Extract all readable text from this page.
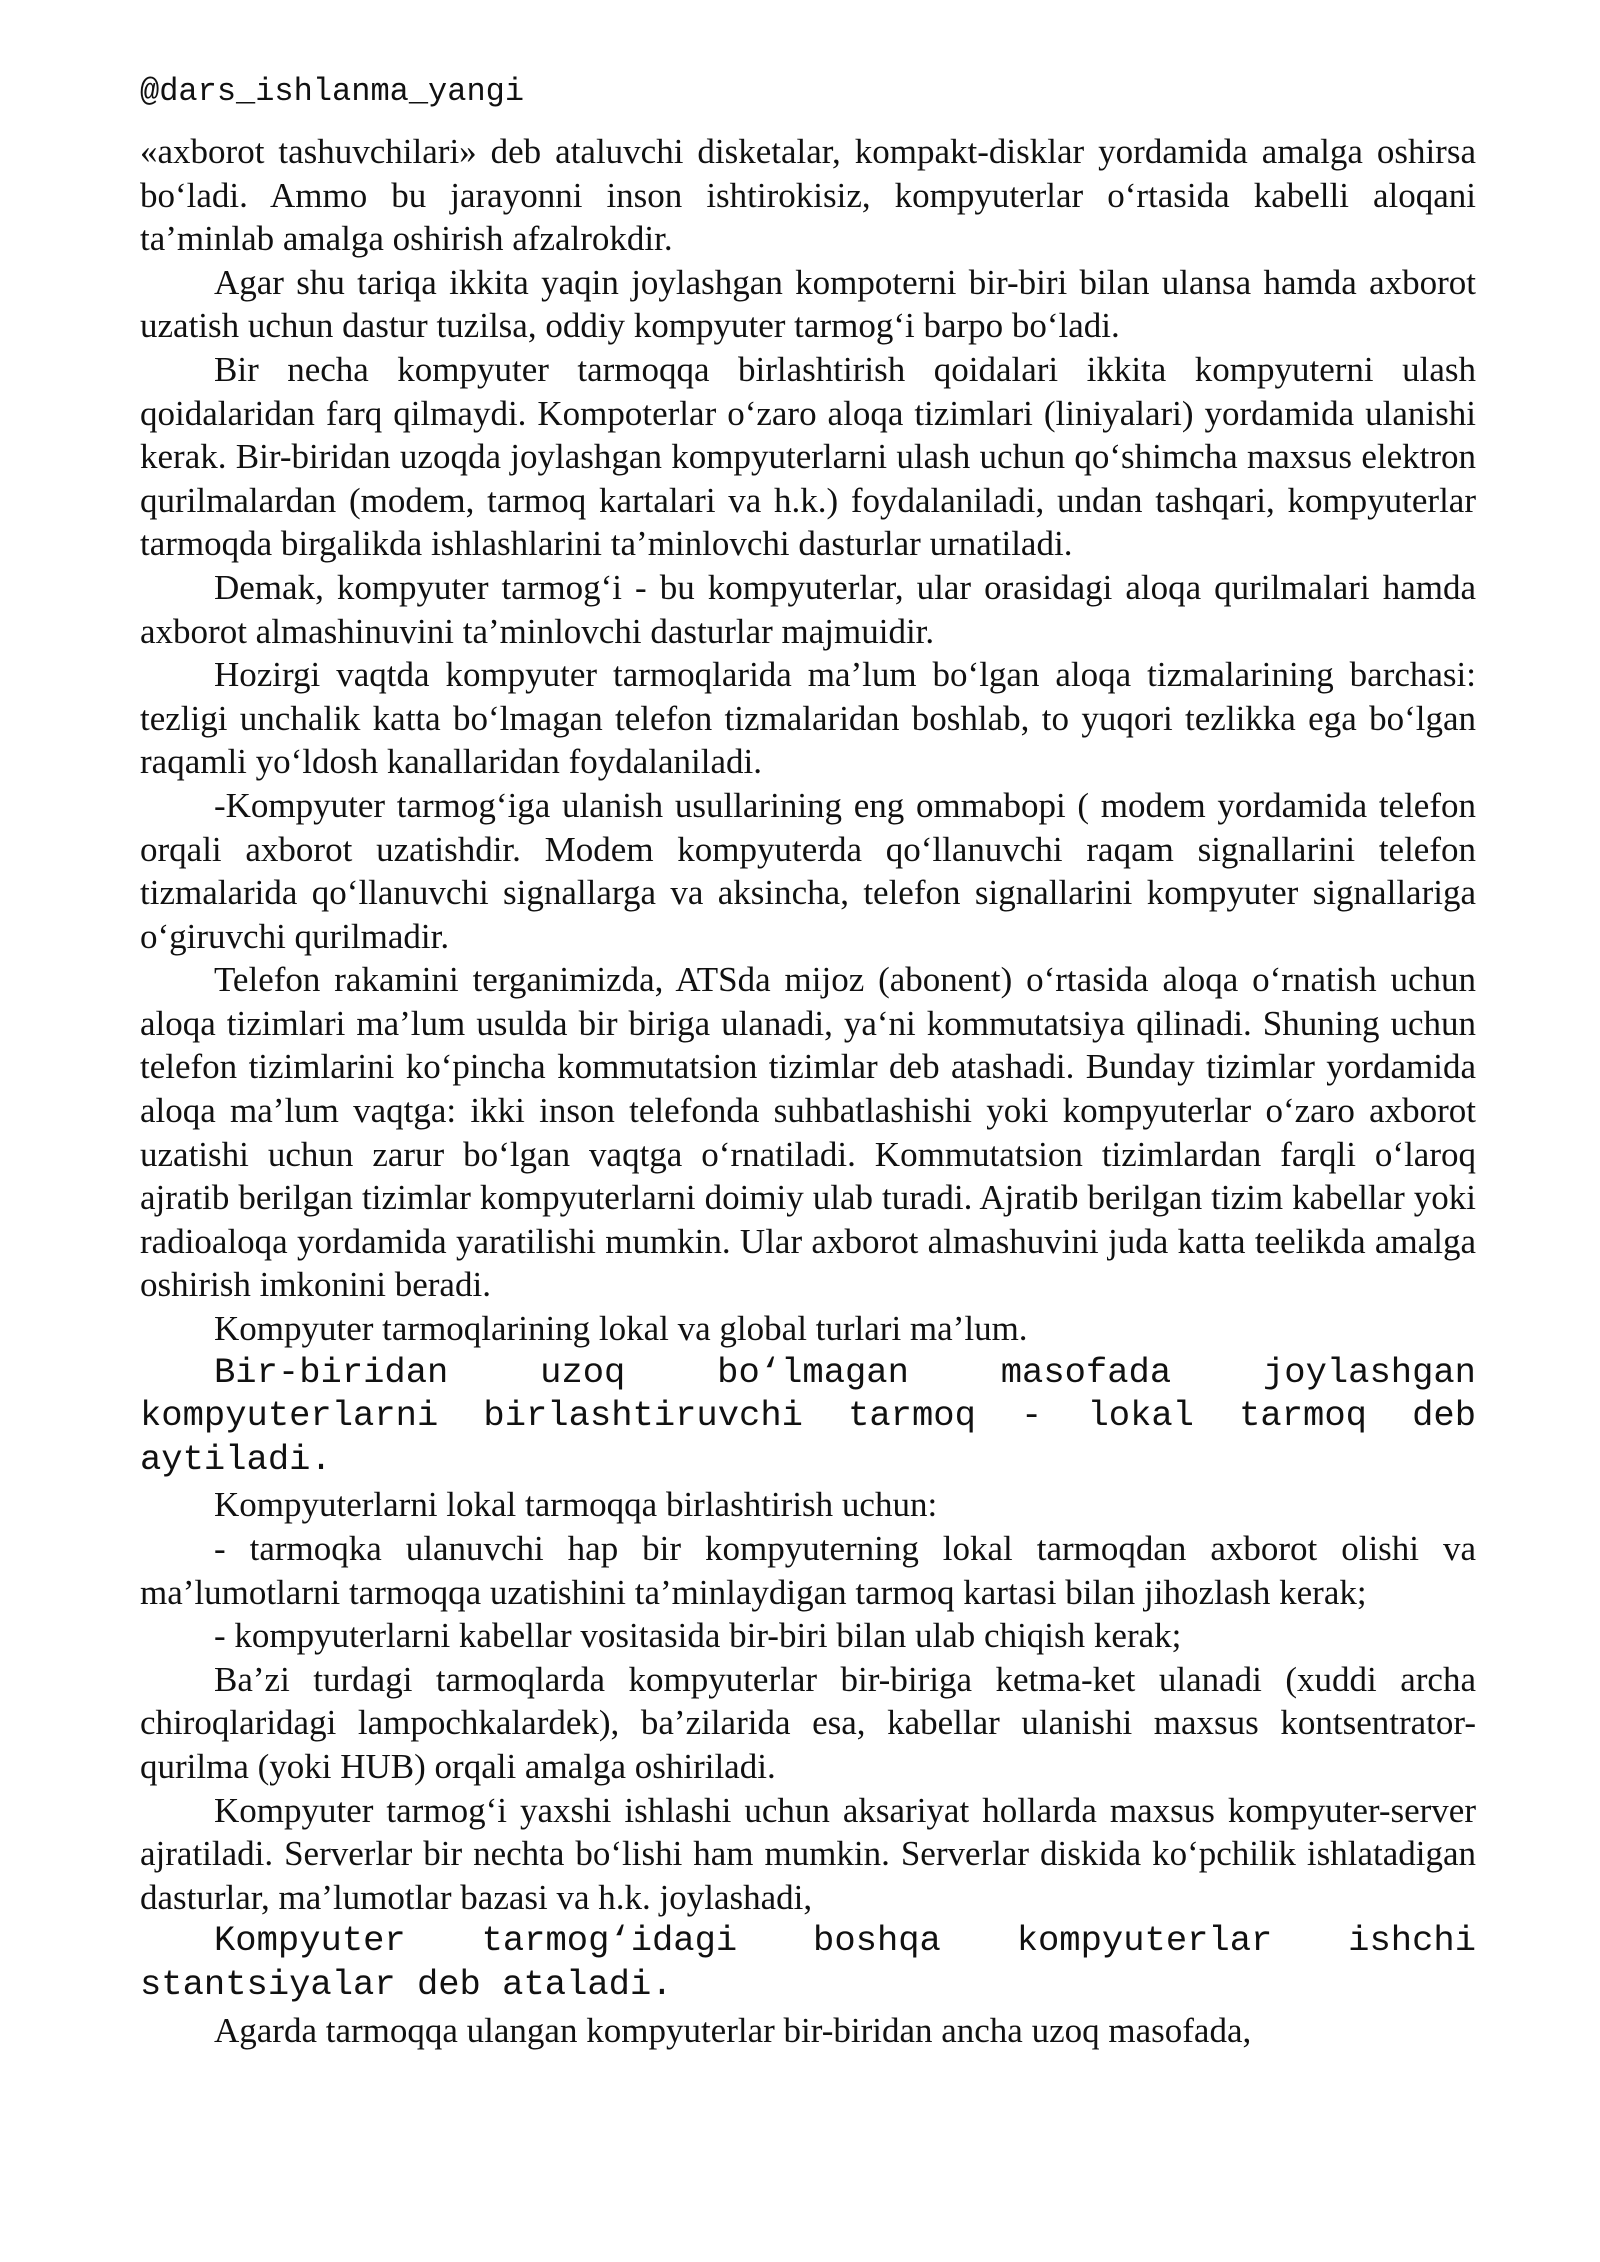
@dars_ishlanma_yangi

«axborot tashuvchilari» deb ataluvchi disketalar, kompakt-disklar yordamida amalga oshirsa bo‘ladi. Ammo bu jarayonni inson ishtirokisiz, kompyuterlar o‘rtasida kabelli aloqani ta’minlab amalga oshirish afzalrokdir.

Agar shu tariqa ikkita yaqin joylashgan kompoterni bir-biri bilan ulansa hamda axborot uzatish uchun dastur tuzilsa, oddiy kompyuter tarmog‘i barpo bo‘ladi.

Bir necha kompyuter tarmoqqa birlashtirish qoidalari ikkita kompyuterni ulash qoidalaridan farq qilmaydi. Kompoterlar o‘zaro aloqa tizimlari (liniyalari) yordamida ulanishi kerak. Bir-biridan uzoqda joylashgan kompyuterlarni ulash uchun qo‘shimcha maxsus elektron qurilmalardan (modem, tarmoq kartalari va h.k.) foydalaniladi, undan tashqari, kompyuterlar tarmoqda birgalikda ishlashlarini ta’minlovchi dasturlar urnatiladi.

Demak, kompyuter tarmog‘i - bu kompyuterlar, ular orasidagi aloqa qurilmalari hamda axborot almashinuvini ta’minlovchi dasturlar majmuidir.

Hozirgi vaqtda kompyuter tarmoqlarida ma’lum bo‘lgan aloqa tizmalarining barchasi: tezligi unchalik katta bo‘lmagan telefon tizmalaridan boshlab, to yuqori tezlikka ega bo‘lgan raqamli yo‘ldosh kanallaridan foydalaniladi.

-Kompyuter tarmog‘iga ulanish usullarining eng ommabopi ( modem yordamida telefon orqali axborot uzatishdir. Modem kompyuterda qo‘llanuvchi raqam signallarini telefon tizmalarida qo‘llanuvchi signallarga va aksincha, telefon signallarini kompyuter signallariga o‘giruvchi qurilmadir.

Telefon rakamini terganimizda, ATSda mijoz (abonent) o‘rtasida aloqa o‘rnatish uchun aloqa tizimlari ma’lum usulda bir biriga ulanadi, ya‘ni kommutatsiya qilinadi. Shuning uchun telefon tizimlarini ko‘pincha kommutatsion tizimlar deb atashadi. Bunday tizimlar yordamida aloqa ma’lum vaqtga: ikki inson telefonda suhbatlashishi yoki kompyuterlar o‘zaro axborot uzatishi uchun zarur bo‘lgan vaqtga o‘rnatiladi. Kommutatsion tizimlardan farqli o‘laroq ajratib berilgan tizimlar kompyuterlarni doimiy ulab turadi. Ajratib berilgan tizim kabellar yoki radioaloqa yordamida yaratilishi mumkin. Ular axborot almashuvini juda katta teelikda amalga oshirish imkonini beradi.

Kompyuter tarmoqlarining lokal va global turlari ma’lum.

Bir-biridan uzoq bo‘lmagan masofada joylashgan kompyuterlarni birlashtiruvchi tarmoq - lokal tarmoq deb aytiladi.

Kompyuterlarni lokal tarmoqqa birlashtirish uchun:

- tarmoqka ulanuvchi hap bir kompyuterning lokal tarmoqdan axborot olishi va ma’lumotlarni tarmoqqa uzatishini ta’minlaydigan tarmoq kartasi bilan jihozlash kerak;

- kompyuterlarni kabellar vositasida bir-biri bilan ulab chiqish kerak;

Ba’zi turdagi tarmoqlarda kompyuterlar bir-biriga ketma-ket ulanadi (xuddi archa chiroqlaridagi lampochkalardek), ba’zilarida esa, kabellar ulanishi maxsus kontsentrator-qurilma (yoki HUB) orqali amalga oshiriladi.

Kompyuter tarmog‘i yaxshi ishlashi uchun aksariyat hollarda maxsus kompyuter-server ajratiladi. Serverlar bir nechta bo‘lishi ham mumkin. Serverlar diskida ko‘pchilik ishlatadigan dasturlar, ma’lumotlar bazasi va h.k. joylashadi,

Kompyuter tarmog‘idagi boshqa kompyuterlar ishchi stantsiyalar deb ataladi.

Agarda tarmoqqa ulangan kompyuterlar bir-biridan ancha uzoq masofada,
